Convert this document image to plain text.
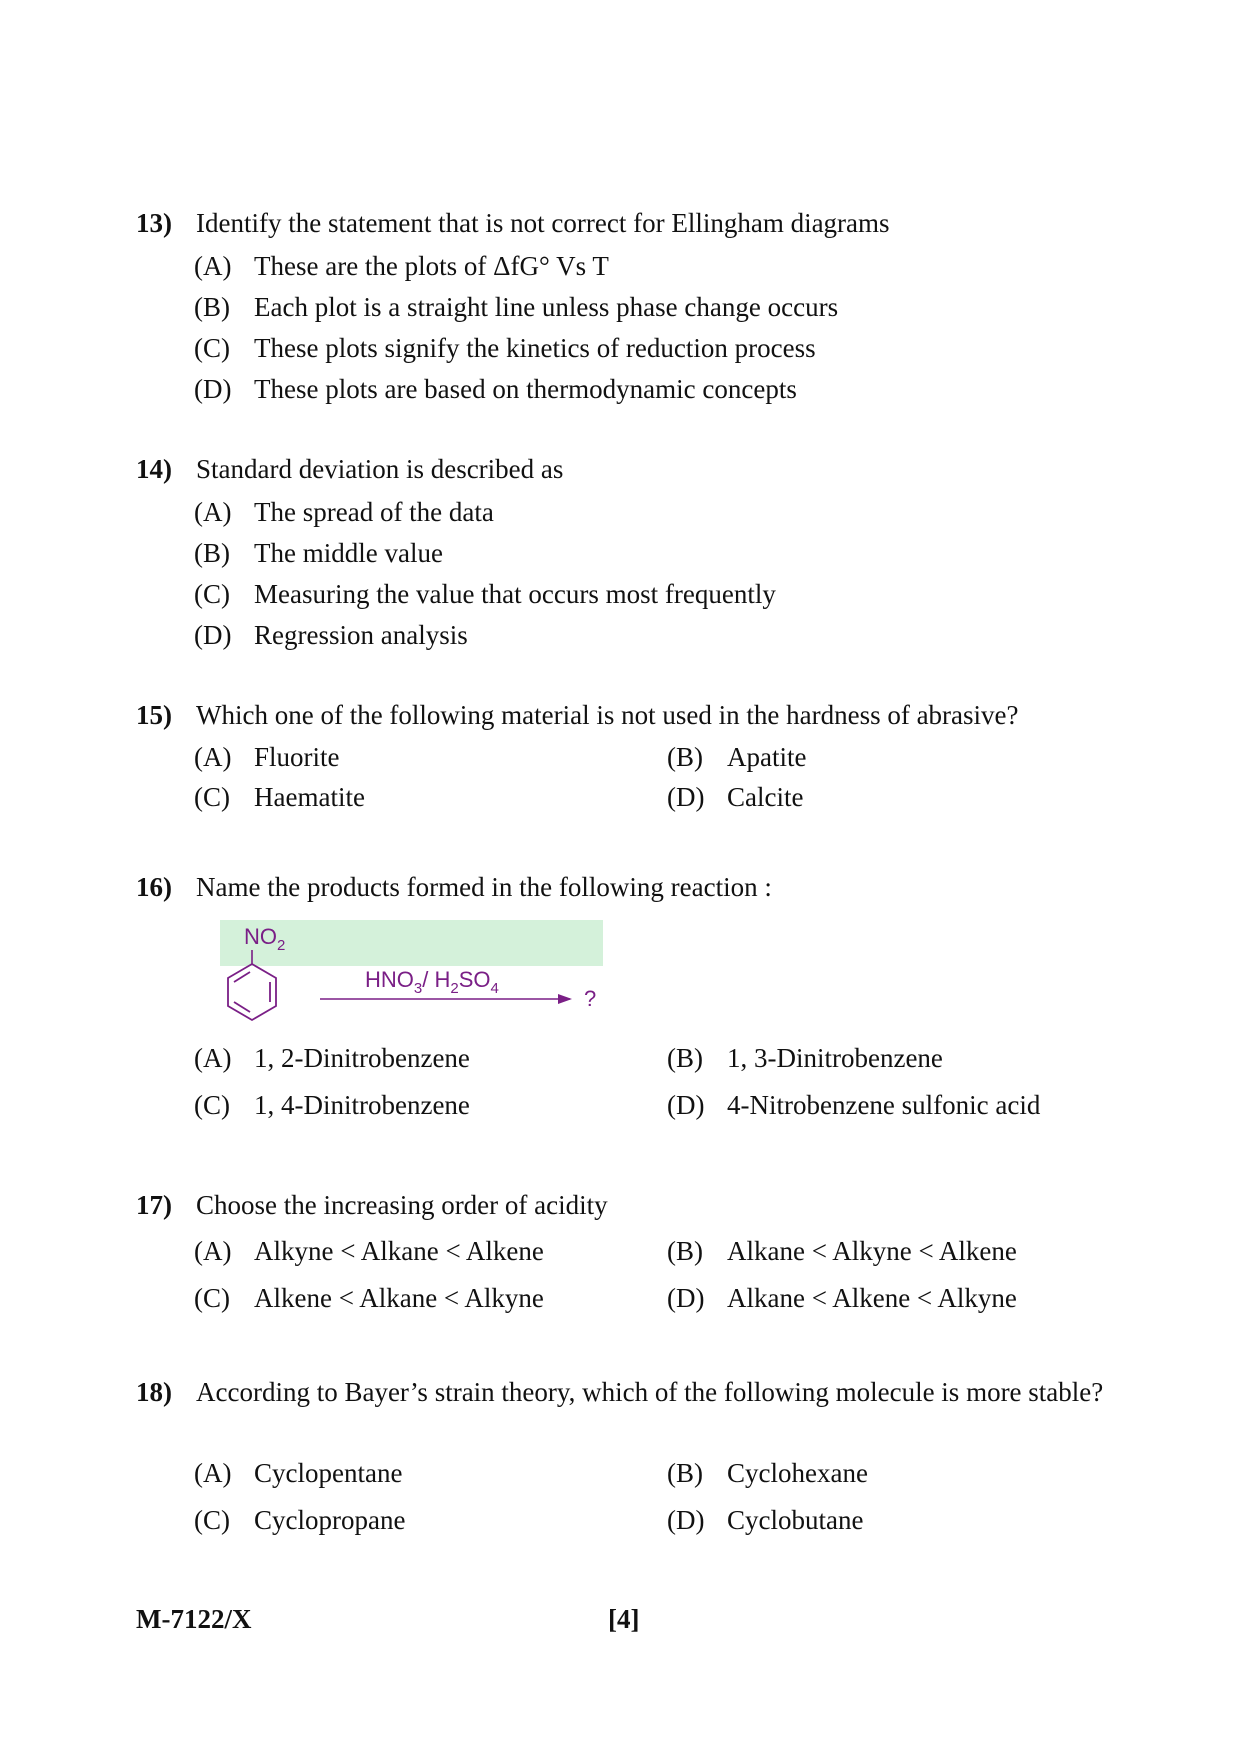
13) Identify the statement that is not correct for Ellingham diagrams
(A) These are the plots of ΔfG° Vs T
(B) Each plot is a straight line unless phase change occurs
(C) These plots signify the kinetics of reduction process
(D) These plots are based on thermodynamic concepts
14) Standard deviation is described as
(A) The spread of the data
(B) The middle value
(C) Measuring the value that occurs most frequently
(D) Regression analysis
15) Which one of the following material is not used in the hardness of abrasive?
(A) Fluorite	(B) Apatite
(C) Haematite	(D) Calcite
16) Name the products formed in the following reaction :
$NO_2$
$HNO_3/$ $H_2SO_4$	?
(A) 1, 2-Dinitrobenzene	(B) 1, 3-Dinitrobenzene
(C) 1, 4-Dinitrobenzene	(D) 4-Nitrobenzene sulfonic acid
17) Choose the increasing order of acidity
(A) Alkyne < Alkane < Alkene	(B) Alkane < Alkyne < Alkene
(C) Alkene < Alkane < Alkyne	(D) Alkane < Alkene < Alkyne
18) According to Bayer’s strain theory, which of the following molecule is more stable?
(A) Cyclopentane	(B) Cyclohexane
(C) Cyclopropane	(D) Cyclobutane
M-7122/X	[4]
